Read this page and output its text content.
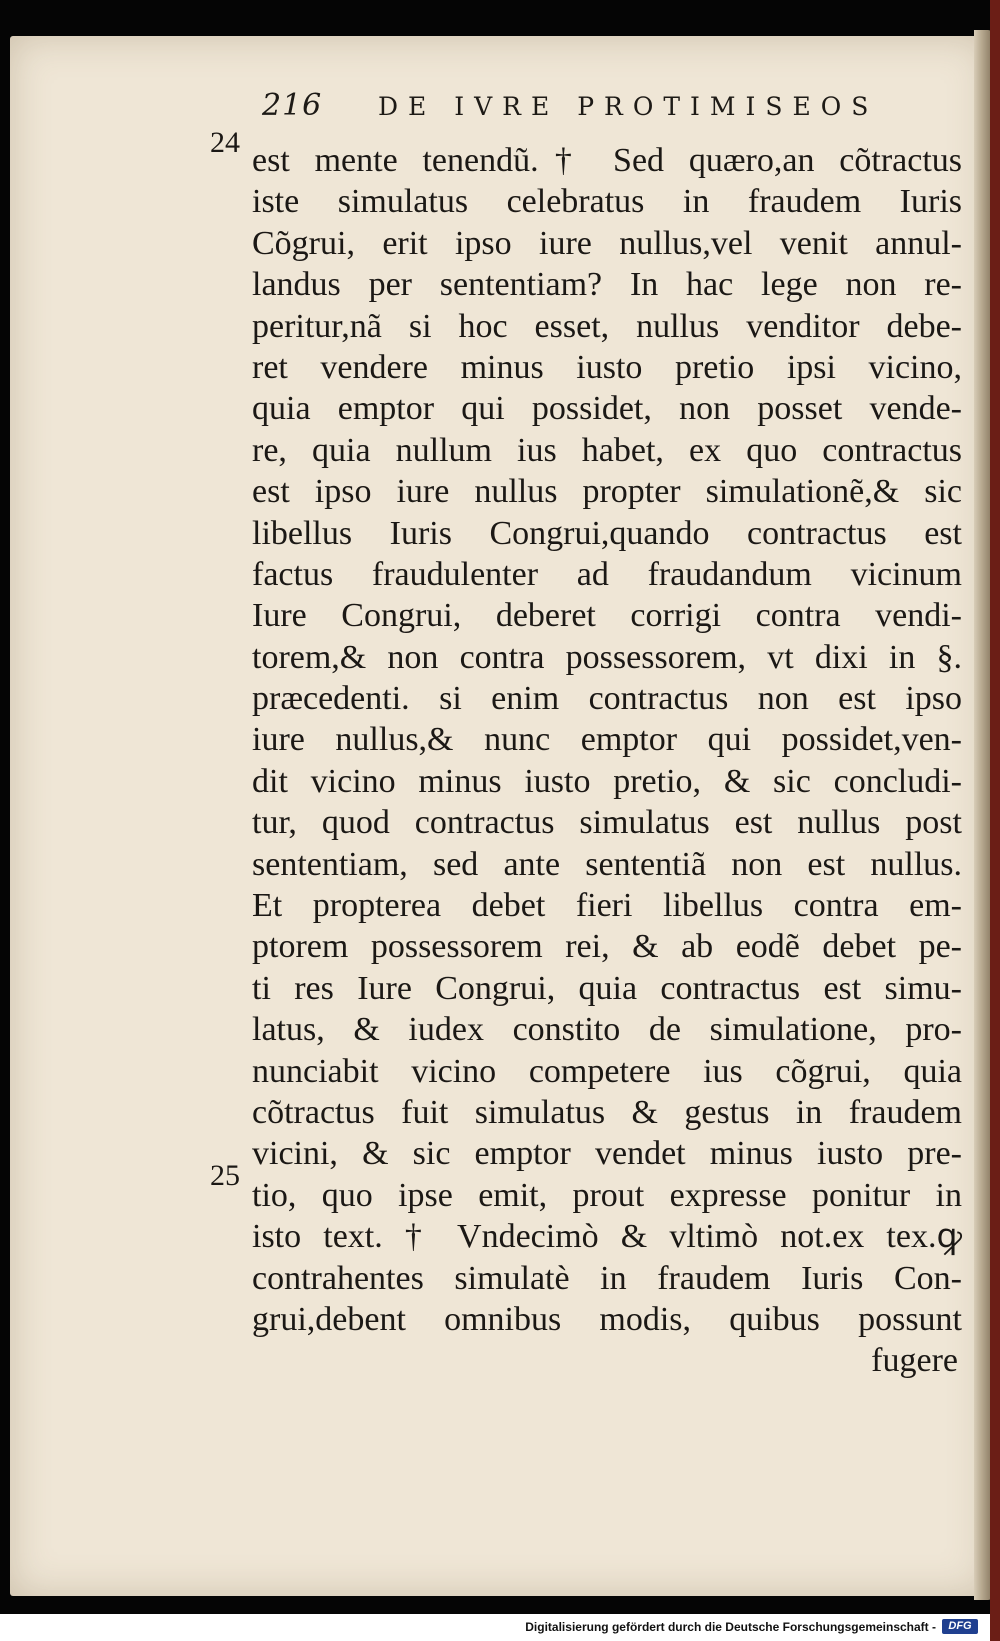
216 DE IVRE PROTIMISEOS
24
25
est mente tenendũ.† Sed quæro,an cõtractus
iste simulatus celebratus in fraudem Iuris
Cõgrui, erit ipso iure nullus,vel venit annul-
landus per sententiam? In hac lege non re-
peritur,nã si hoc esset, nullus venditor debe-
ret vendere minus iusto pretio ipsi vicino,
quia emptor qui possidet, non posset vende-
re, quia nullum ius habet, ex quo contractus
est ipso iure nullus propter simulationẽ,& sic
libellus Iuris Congrui,quando contractus est
factus fraudulenter ad fraudandum vicinum
Iure Congrui, deberet corrigi contra vendi-
torem,& non contra possessorem, vt dixi in §.
præcedenti. si enim contractus non est ipso
iure nullus,& nunc emptor qui possidet,ven-
dit vicino minus iusto pretio, & sic concludi-
tur, quod contractus simulatus est nullus post
sententiam, sed ante sententiã non est nullus.
Et propterea debet fieri libellus contra em-
ptorem possessorem rei, & ab eodẽ debet pe-
ti res Iure Congrui, quia contractus est simu-
latus, & iudex constito de simulatione, pro-
nunciabit vicino competere ius cõgrui, quia
cõtractus fuit simulatus & gestus in fraudem
vicini, & sic emptor vendet minus iusto pre-
tio, quo ipse emit, prout expresse ponitur in
isto text. † Vndecimò & vltimò not.ex tex.ꝙ
contrahentes simulatè in fraudem Iuris Con-
grui,debent omnibus modis, quibus possunt
fugere
Digitalisierung gefördert durch die Deutsche Forschungsgemeinschaft -	DFG
